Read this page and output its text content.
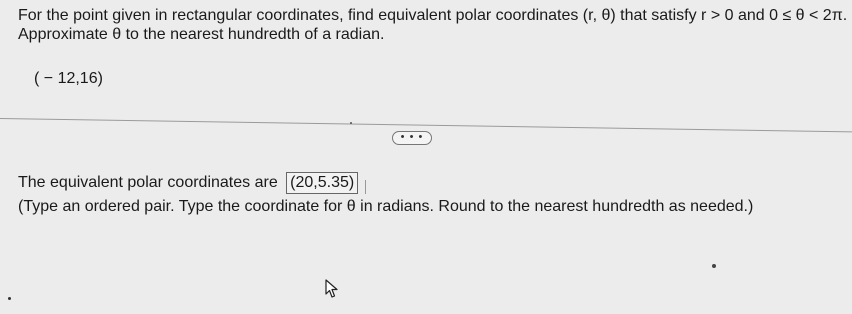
For the point given in rectangular coordinates, find equivalent polar coordinates (r, θ) that satisfy r > 0 and 0 ≤ θ < 2π.
Approximate θ to the nearest hundredth of a radian.
( − 12,16)
• • •
The equivalent polar coordinates are (20,5.35)
(Type an ordered pair. Type the coordinate for θ in radians. Round to the nearest hundredth as needed.)
